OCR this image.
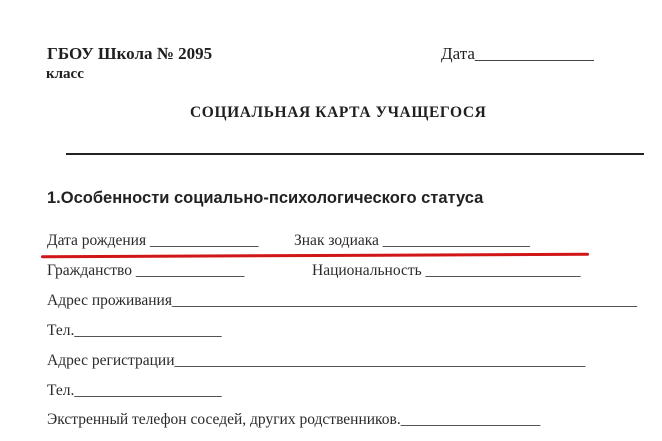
ГБОУ Школа № 2095
класс
Дата______________
СОЦИАЛЬНАЯ КАРТА УЧАЩЕГОСЯ
1.Особенности социально-психологического статуса
Дата рождения ______________ Знак зодиака ___________________
Гражданство ______________	Национальность ____________________
Адрес проживания____________________________________________________________
Тел.___________________
Адрес регистрации_____________________________________________________
Тел.___________________
Экстренный телефон соседей, других родственников.__________________
